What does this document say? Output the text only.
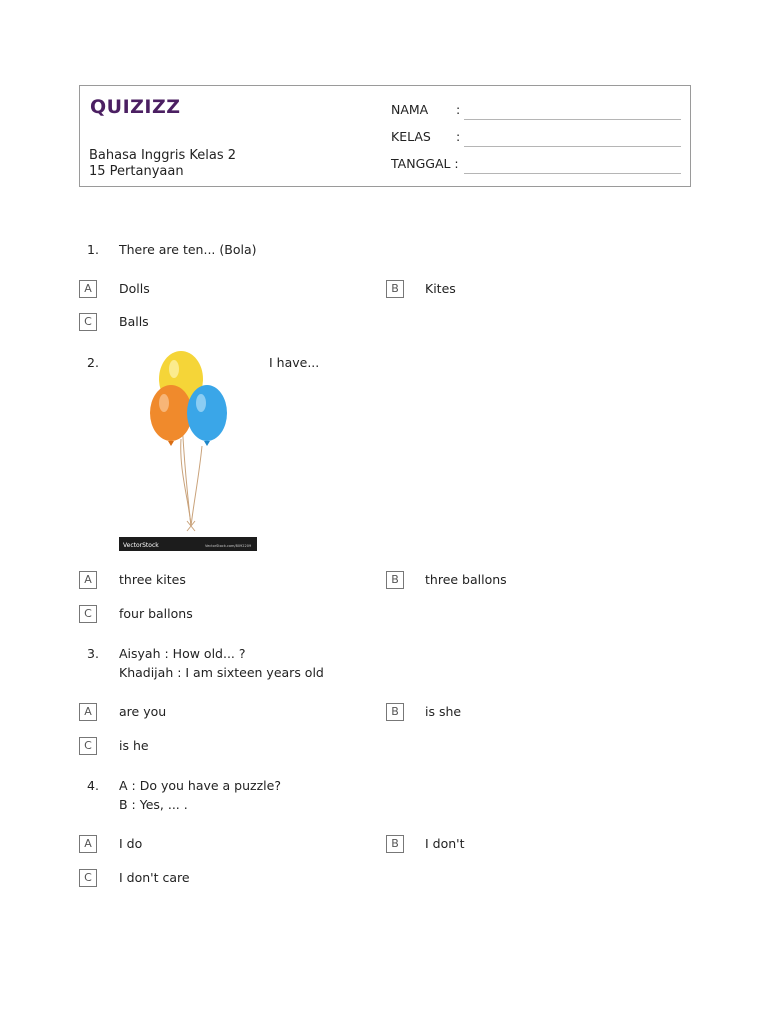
QUIZIZZ
Bahasa Inggris Kelas 2
15 Pertanyaan
NAMA :
KELAS :
TANGGAL :
1. There are ten... (Bola)
A	Dolls	B	Kites
C	Balls
2.
VectorStock	VectorStock.com/8092209
I have...
A	three kites	B	three ballons
C	four ballons
3. Aisyah : How old... ?
Khadijah : I am sixteen years old
A	are you	B	is she
C	is he
4. A : Do you have a puzzle?
B : Yes, ... .
A	I do	B	I don't
C	I don't care
